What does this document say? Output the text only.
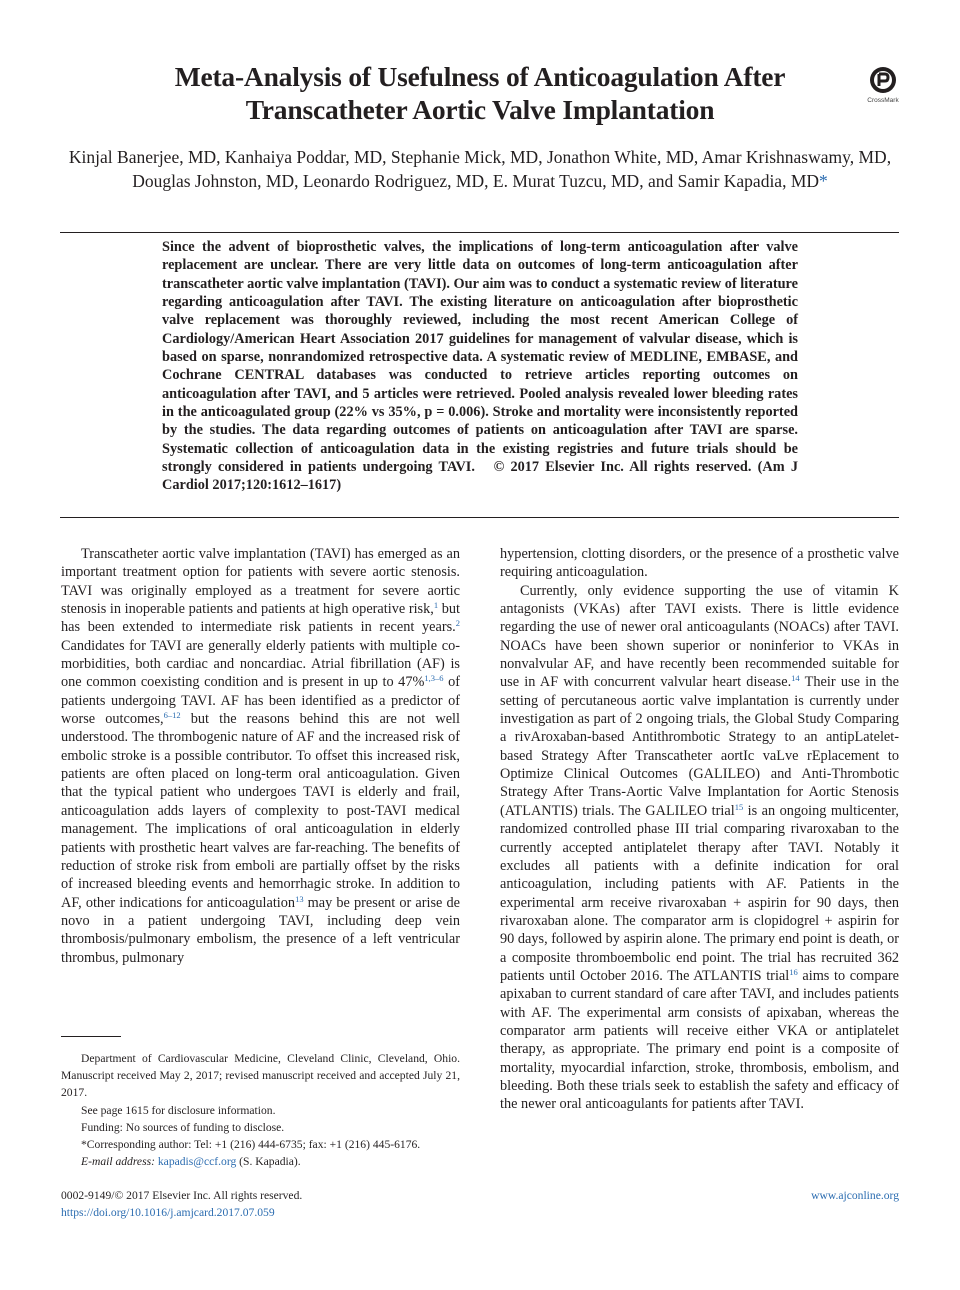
Meta-Analysis of Usefulness of Anticoagulation After Transcatheter Aortic Valve Implantation	CrossMark
Kinjal Banerjee, MD, Kanhaiya Poddar, MD, Stephanie Mick, MD, Jonathon White, MD, Amar Krishnaswamy, MD, Douglas Johnston, MD, Leonardo Rodriguez, MD, E. Murat Tuzcu, MD, and Samir Kapadia, MD*

Since the advent of bioprosthetic valves, the implications of long-term anticoagulation after valve replacement are unclear. There are very little data on outcomes of long-term anticoagulation after transcatheter aortic valve implantation (TAVI). Our aim was to conduct a systematic review of literature regarding anticoagulation after TAVI. The existing literature on anticoagulation after bioprosthetic valve replacement was thoroughly reviewed, including the most recent American College of Cardiology/American Heart Association 2017 guidelines for management of valvular disease, which is based on sparse, nonrandomized retrospective data. A systematic review of MEDLINE, EMBASE, and Cochrane CENTRAL databases was conducted to retrieve articles reporting outcomes on anticoagulation after TAVI, and 5 articles were retrieved. Pooled analysis revealed lower bleeding rates in the anticoagulated group (22% vs 35%, p = 0.006). Stroke and mortality were inconsistently reported by the studies. The data regarding outcomes of patients on anticoagulation after TAVI are sparse. Systematic collection of anticoagulation data in the existing registries and future trials should be strongly considered in patients undergoing TAVI. © 2017 Elsevier Inc. All rights reserved. (Am J Cardiol 2017;120:1612–1617)

Transcatheter aortic valve implantation (TAVI) has emerged as an important treatment option for patients with severe aortic stenosis. TAVI was originally employed as a treatment for severe aortic stenosis in inoperable patients and patients at high operative risk,$^1$ but has been extended to intermediate risk patients in recent years.$^2$ Candidates for TAVI are generally elderly patients with multiple co-morbidities, both cardiac and noncardiac. Atrial fibrillation (AF) is one common coexisting condition and is present in up to 47%$^{1,3-6}$ of patients undergoing TAVI. AF has been identified as a predictor of worse outcomes,$^{6-12}$ but the reasons behind this are not well understood. The thrombogenic nature of AF and the increased risk of embolic stroke is a possible contributor. To offset this increased risk, patients are often placed on long-term oral anticoagulation. Given that the typical patient who undergoes TAVI is elderly and frail, anticoagulation adds layers of complexity to post-TAVI medical management. The implications of oral anticoagulation in elderly patients with prosthetic heart valves are far-reaching. The benefits of reduction of stroke risk from emboli are partially offset by the risks of increased bleeding events and hemorrhagic stroke. In addition to AF, other indications for anticoagulation$^{13}$ may be present or arise de novo in a patient undergoing TAVI, including deep vein thrombosis/pulmonary embolism, the presence of a left ventricular thrombus, pulmonary

hypertension, clotting disorders, or the presence of a prosthetic valve requiring anticoagulation.

Currently, only evidence supporting the use of vitamin K antagonists (VKAs) after TAVI exists. There is little evidence regarding the use of newer oral anticoagulants (NOACs) after TAVI. NOACs have been shown superior or noninferior to VKAs in nonvalvular AF, and have recently been recommended suitable for use in AF with concurrent valvular heart disease.$^{14}$ Their use in the setting of percutaneous aortic valve implantation is currently under investigation as part of 2 ongoing trials, the Global Study Comparing a rivAroxaban-based Antithrombotic Strategy to an antipLatelet-based Strategy After Transcatheter aortIc vaLve rEplacement to Optimize Clinical Outcomes (GALILEO) and Anti-Thrombotic Strategy After Trans-Aortic Valve Implantation for Aortic Stenosis (ATLANTIS) trials. The GALILEO trial$^{15}$ is an ongoing multicenter, randomized controlled phase III trial comparing rivaroxaban to the currently accepted antiplatelet therapy after TAVI. Notably it excludes all patients with a definite indication for oral anticoagulation, including patients with AF. Patients in the experimental arm receive rivaroxaban + aspirin for 90 days, then rivaroxaban alone. The comparator arm is clopidogrel + aspirin for 90 days, followed by aspirin alone. The primary end point is death, or a composite thromboembolic end point. The trial has recruited 362 patients until October 2016. The ATLANTIS trial$^{16}$ aims to compare apixaban to current standard of care after TAVI, and includes patients with AF. The experimental arm consists of apixaban, whereas the comparator arm patients will receive either VKA or antiplatelet therapy, as appropriate. The primary end point is a composite of mortality, myocardial infarction, stroke, thrombosis, embolism, and bleeding. Both these trials seek to establish the safety and efficacy of the newer oral anticoagulants for patients after TAVI.

Department of Cardiovascular Medicine, Cleveland Clinic, Cleveland, Ohio. Manuscript received May 2, 2017; revised manuscript received and accepted July 21, 2017.

See page 1615 for disclosure information.

Funding: No sources of funding to disclose.

*Corresponding author: Tel: +1 (216) 444-6735; fax: +1 (216) 445-6176.

E-mail address: kapadis@ccf.org (S. Kapadia).

0002-9149/© 2017 Elsevier Inc. All rights reserved.
https://doi.org/10.1016/j.amjcard.2017.07.059
www.ajconline.org
